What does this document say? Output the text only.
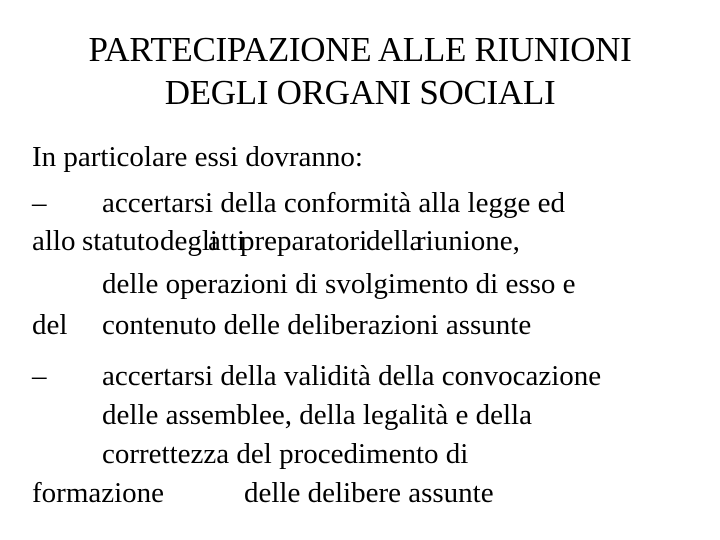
PARTECIPAZIONE ALLE RIUNIONI
DEGLI ORGANI SOCIALI
In particolare essi dovranno:
– accertarsi della conformità alla legge ed
allo statuto degli
atti
preparatori
della
riunione,
delle operazioni di svolgimento di esso e
del contenuto delle deliberazioni assunte
– accertarsi della validità della convocazione
delle assemblee, della legalità e della
correttezza del procedimento di
formazione	delle delibere assunte
